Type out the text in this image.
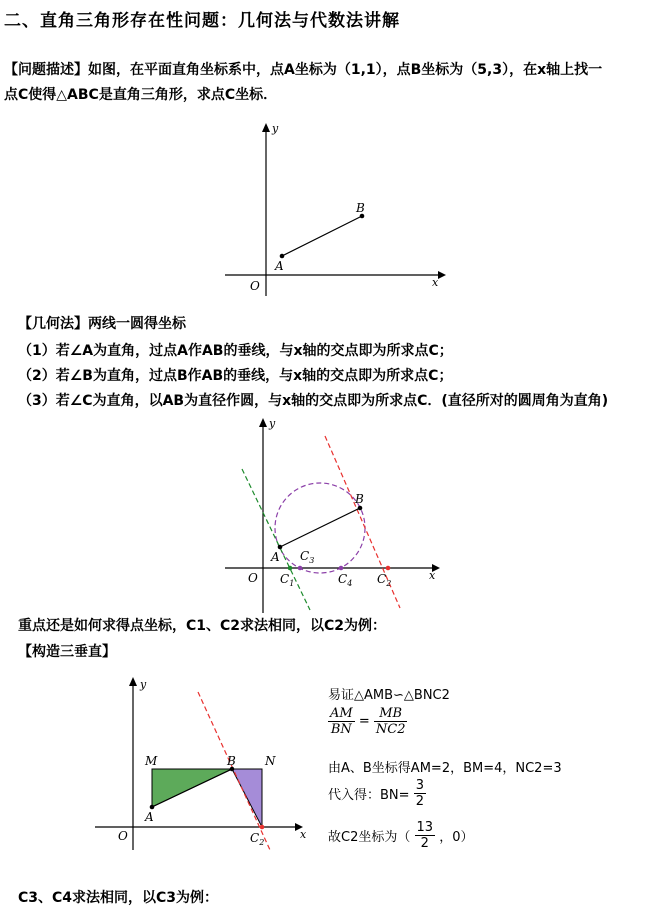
二、直角三角形存在性问题：几何法与代数法讲解
【问题描述】如图，在平面直角坐标系中，点A坐标为（1,1），点B坐标为（5,3），在x轴上找一
点C使得△ABC是直角三角形，求点C坐标．
y
x
O
A
B
【几何法】两线一圆得坐标
（1）若∠A为直角，过点A作AB的垂线，与x轴的交点即为所求点C；
（2）若∠B为直角，过点B作AB的垂线，与x轴的交点即为所求点C；
（3）若∠C为直角，以AB为直径作圆，与x轴的交点即为所求点C．(直径所对的圆周角为直角)
y
x
O
A
B
$C_1$
$C_3$
$C_4$ $C_2$
重点还是如何求得点坐标，C1、C2求法相同，以C2为例：
【构造三垂直】
y
x
O
A
B
M	N
$C_2$
易证△AMB∽△BNC2
$\frac{AM}{BN} = \frac{MB}{NC2}$
由A、B坐标得AM=2，BM=4，NC2=3
代入得：$BN= \frac{3}{2}$
故C2坐标为（ $\frac{13}{2}$ ，0）
C3、C4求法相同，以C3为例：
